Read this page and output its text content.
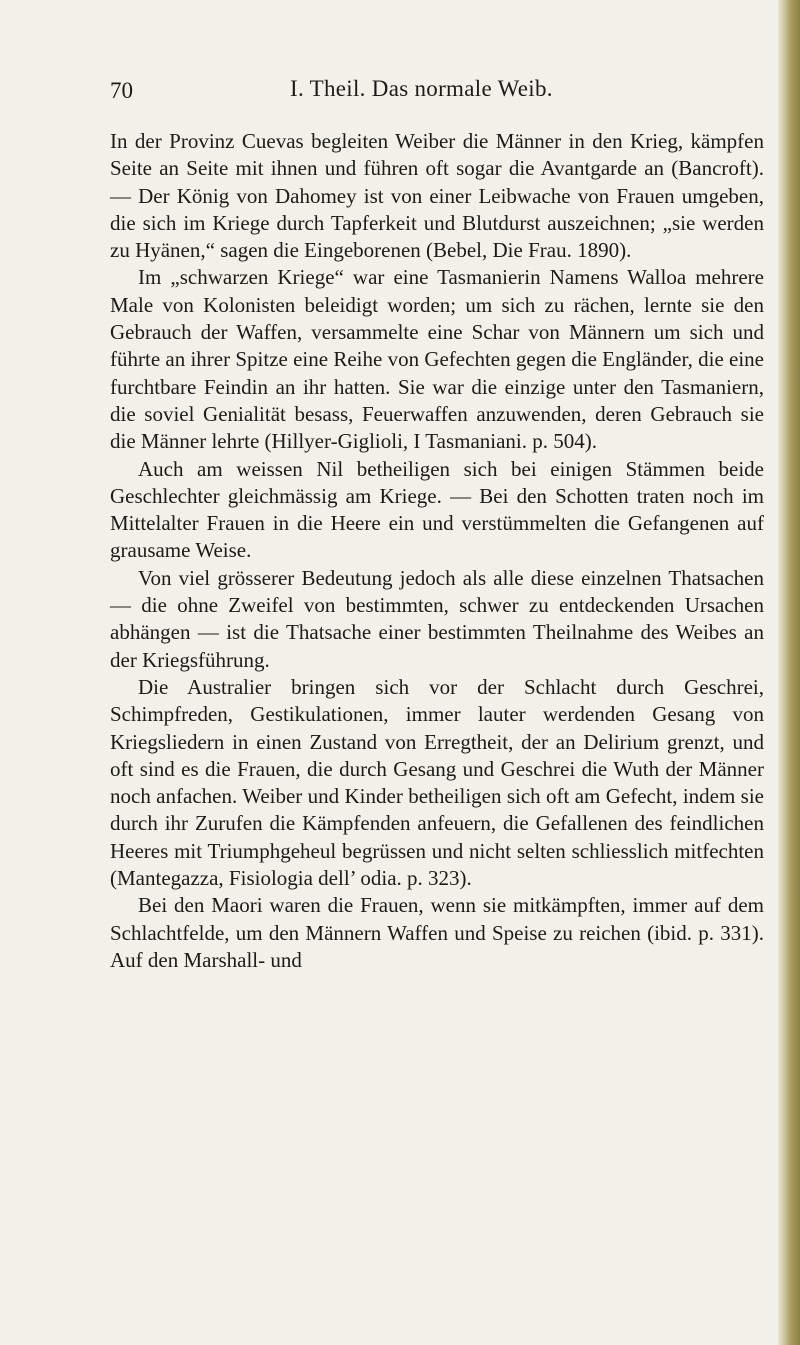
70	I. Theil. Das normale Weib.

In der Provinz Cuevas begleiten Weiber die Männer in den Krieg, kämpfen Seite an Seite mit ihnen und führen oft sogar die Avantgarde an (Bancroft). — Der König von Dahomey ist von einer Leibwache von Frauen umgeben, die sich im Kriege durch Tapferkeit und Blutdurst auszeichnen; „sie werden zu Hyänen,“ sagen die Eingeborenen (Bebel, Die Frau. 1890).

Im „schwarzen Kriege“ war eine Tasmanierin Namens Walloa mehrere Male von Kolonisten beleidigt worden; um sich zu rächen, lernte sie den Gebrauch der Waffen, versammelte eine Schar von Männern um sich und führte an ihrer Spitze eine Reihe von Gefechten gegen die Engländer, die eine furchtbare Feindin an ihr hatten. Sie war die einzige unter den Tasmaniern, die soviel Genialität besass, Feuerwaffen anzuwenden, deren Gebrauch sie die Männer lehrte (Hillyer-Giglioli, I Tasmaniani. p. 504).

Auch am weissen Nil betheiligen sich bei einigen Stämmen beide Geschlechter gleichmässig am Kriege. — Bei den Schotten traten noch im Mittelalter Frauen in die Heere ein und verstümmelten die Gefangenen auf grausame Weise.

Von viel grösserer Bedeutung jedoch als alle diese einzelnen Thatsachen — die ohne Zweifel von bestimmten, schwer zu entdeckenden Ursachen abhängen — ist die Thatsache einer bestimmten Theilnahme des Weibes an der Kriegsführung.

Die Australier bringen sich vor der Schlacht durch Geschrei, Schimpfreden, Gestikulationen, immer lauter werdenden Gesang von Kriegsliedern in einen Zustand von Erregtheit, der an Delirium grenzt, und oft sind es die Frauen, die durch Gesang und Geschrei die Wuth der Männer noch anfachen. Weiber und Kinder betheiligen sich oft am Gefecht, indem sie durch ihr Zurufen die Kämpfenden anfeuern, die Gefallenen des feindlichen Heeres mit Triumphgeheul begrüssen und nicht selten schliesslich mitfechten (Mantegazza, Fisiologia dell’ odia. p. 323).

Bei den Maori waren die Frauen, wenn sie mitkämpften, immer auf dem Schlachtfelde, um den Männern Waffen und Speise zu reichen (ibid. p. 331). Auf den Marshall- und
